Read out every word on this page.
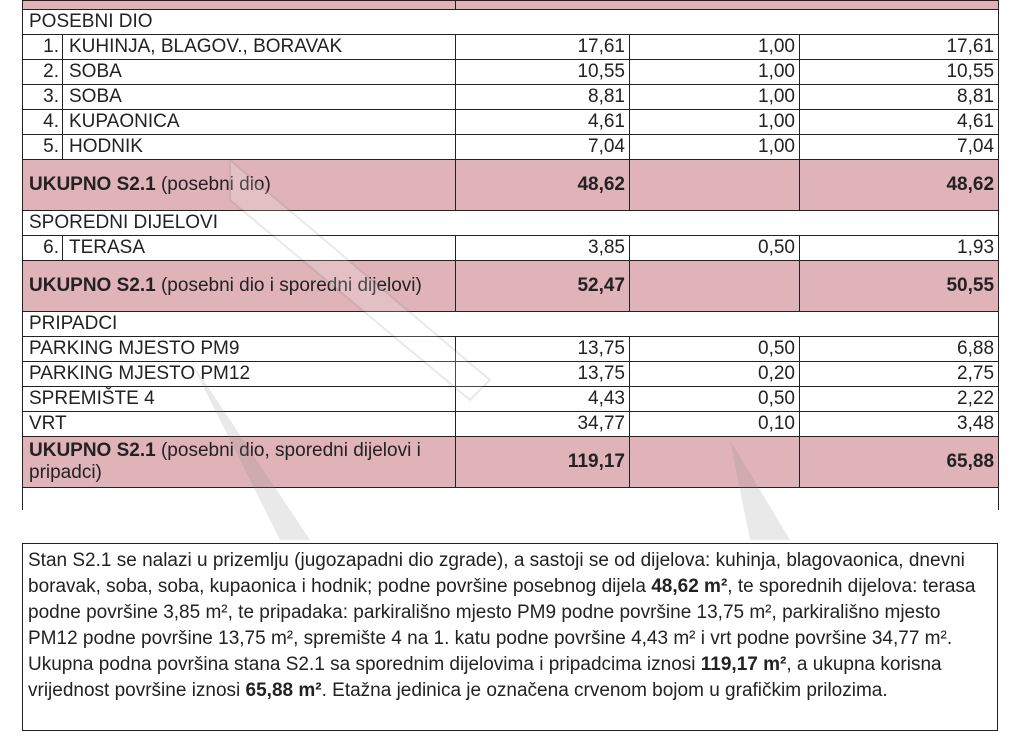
POSEBNI DIO				
1.	KUHINJA, BLAGOV., BORAVAK	17,61	1,00	17,61
2.	SOBA	10,55	1,00	10,55
3.	SOBA	8,81	1,00	8,81
4.	KUPAONICA	4,61	1,00	4,61
5.	HODNIK	7,04	1,00	7,04
UKUPNO S2.1 (posebni dio)		48,62		48,62
SPOREDNI DIJELOVI				
6.	TERASA	3,85	0,50	1,93
UKUPNO S2.1 (posebni dio i sporedni dijelovi)		52,47		50,55
PRIPADCI				
PARKING MJESTO PM9		13,75	0,50	6,88
PARKING MJESTO PM12		13,75	0,20	2,75
SPREMIŠTE 4		4,43	0,50	2,22
VRT		34,77	0,10	3,48
UKUPNO S2.1 (posebni dio, sporedni dijelovi i pripadci)		119,17		65,88

Stan S2.1 se nalazi u prizemlju (jugozapadni dio zgrade), a sastoji se od dijelova: kuhinja, blagovaonica, dnevni boravak, soba, soba, kupaonica i hodnik; podne površine posebnog dijela 48,62 m², te sporednih dijelova: terasa podne površine 3,85 m², te pripadaka: parkirališno mjesto PM9 podne površine 13,75 m², parkirališno mjesto PM12 podne površine 13,75 m², spremište 4 na 1. katu podne površine 4,43 m² i vrt podne površine 34,77 m². Ukupna podna površina stana S2.1 sa sporednim dijelovima i pripadcima iznosi 119,17 m², a ukupna korisna vrijednost površine iznosi 65,88 m². Etažna jedinica je označena crvenom bojom u grafičkim prilozima.
